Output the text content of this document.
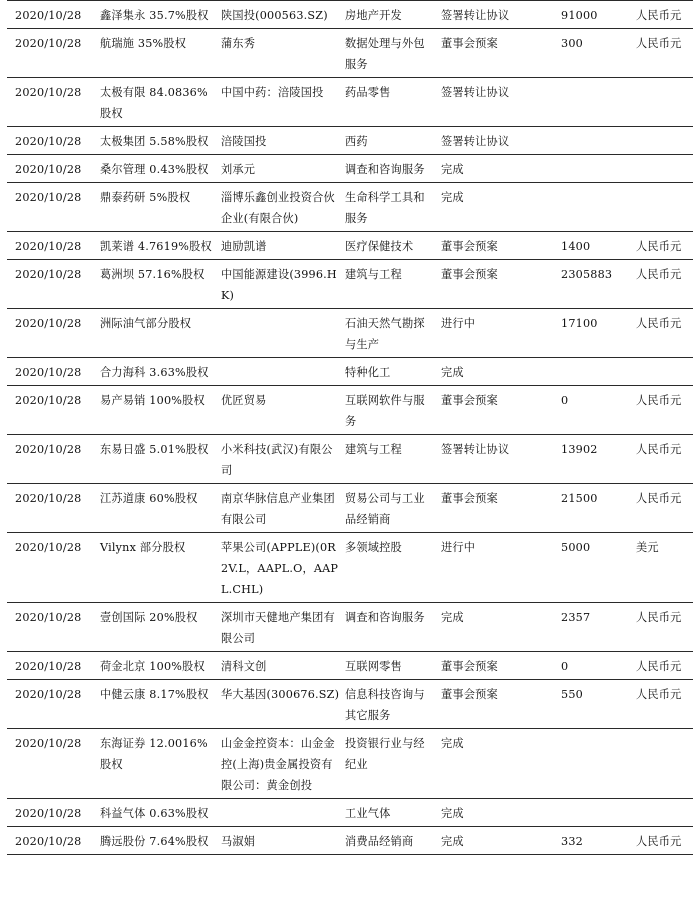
2020/10/28	鑫泽集永 35.7%股权	陕国投(000563.SZ)	房地产开发	签署转让协议	91000	人民币元
2020/10/28	航瑞施 35%股权	蒲东秀	数据处理与外包服务	董事会预案	300	人民币元
2020/10/28	太极有限 84.0836%股权	中国中药：涪陵国投	药品零售	签署转让协议		
2020/10/28	太极集团 5.58%股权	涪陵国投	西药	签署转让协议		
2020/10/28	桑尔管理 0.43%股权	刘承元	调查和咨询服务	完成		
2020/10/28	鼎泰药研 5%股权	淄博乐鑫创业投资合伙企业(有限合伙)	生命科学工具和服务	完成		
2020/10/28	凯莱谱 4.7619%股权	迪励凯谱	医疗保健技术	董事会预案	1400	人民币元
2020/10/28	葛洲坝 57.16%股权	中国能源建设(3996.HK)	建筑与工程	董事会预案	2305883	人民币元
2020/10/28	洲际油气部分股权		石油天然气勘探与生产	进行中	17100	人民币元
2020/10/28	合力海科 3.63%股权		特种化工	完成		
2020/10/28	易产易销 100%股权	优匠贸易	互联网软件与服务	董事会预案	0	人民币元
2020/10/28	东易日盛 5.01%股权	小米科技(武汉)有限公司	建筑与工程	签署转让协议	13902	人民币元
2020/10/28	江苏道康 60%股权	南京华脉信息产业集团有限公司	贸易公司与工业品经销商	董事会预案	21500	人民币元
2020/10/28	Vilynx 部分股权	苹果公司(APPLE)(0R2V.L，AAPL.O，AAPL.CHL)	多领域控股	进行中	5000	美元
2020/10/28	壹创国际 20%股权	深圳市天健地产集团有限公司	调查和咨询服务	完成	2357	人民币元
2020/10/28	荷金北京 100%股权	清科文创	互联网零售	董事会预案	0	人民币元
2020/10/28	中健云康 8.17%股权	华大基因(300676.SZ)	信息科技咨询与其它服务	董事会预案	550	人民币元
2020/10/28	东海证券 12.0016%股权	山金金控资本：山金金控(上海)贵金属投资有限公司：黄金创投	投资银行业与经纪业	完成		
2020/10/28	科益气体 0.63%股权		工业气体	完成		
2020/10/28	腾远股份 7.64%股权	马淑娟	消费品经销商	完成	332	人民币元
